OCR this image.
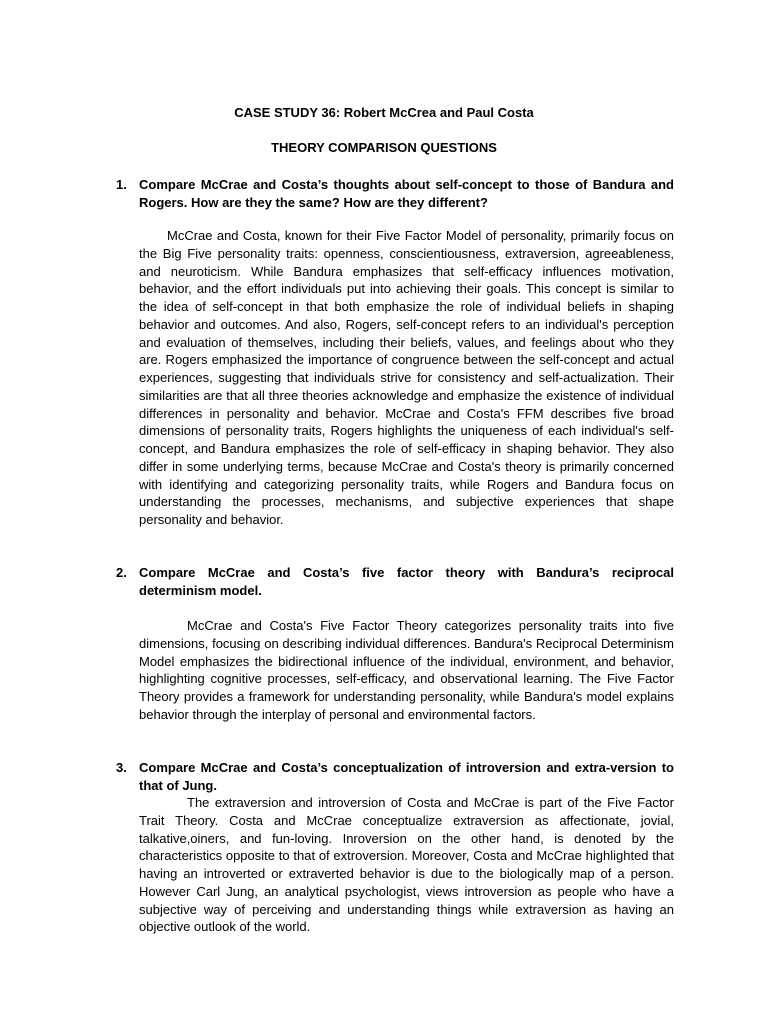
CASE STUDY 36: Robert McCrea and Paul Costa
THEORY COMPARISON QUESTIONS
1. Compare McCrae and Costa’s thoughts about self-concept to those of Bandura and Rogers. How are they the same? How are they different?

McCrae and Costa, known for their Five Factor Model of personality, primarily focus on the Big Five personality traits: openness, conscientiousness, extraversion, agreeableness, and neuroticism. While Bandura emphasizes that self-efficacy influences motivation, behavior, and the effort individuals put into achieving their goals. This concept is similar to the idea of self-concept in that both emphasize the role of individual beliefs in shaping behavior and outcomes. And also, Rogers, self-concept refers to an individual's perception and evaluation of themselves, including their beliefs, values, and feelings about who they are. Rogers emphasized the importance of congruence between the self-concept and actual experiences, suggesting that individuals strive for consistency and self-actualization. Their similarities are that all three theories acknowledge and emphasize the existence of individual differences in personality and behavior. McCrae and Costa's FFM describes five broad dimensions of personality traits, Rogers highlights the uniqueness of each individual's self-concept, and Bandura emphasizes the role of self-efficacy in shaping behavior. They also differ in some underlying terms, because McCrae and Costa's theory is primarily concerned with identifying and categorizing personality traits, while Rogers and Bandura focus on understanding the processes, mechanisms, and subjective experiences that shape personality and behavior.

2. Compare McCrae and Costa’s five factor theory with Bandura’s reciprocal determinism model.

McCrae and Costa's Five Factor Theory categorizes personality traits into five dimensions, focusing on describing individual differences. Bandura's Reciprocal Determinism Model emphasizes the bidirectional influence of the individual, environment, and behavior, highlighting cognitive processes, self-efficacy, and observational learning. The Five Factor Theory provides a framework for understanding personality, while Bandura's model explains behavior through the interplay of personal and environmental factors.

3. Compare McCrae and Costa’s conceptualization of introversion and extra-version to that of Jung.

The extraversion and introversion of Costa and McCrae is part of the Five Factor Trait Theory. Costa and McCrae conceptualize extraversion as affectionate, jovial, talkative,oiners, and fun-loving. Inroversion on the other hand, is denoted by the characteristics opposite to that of extroversion. Moreover, Costa and McCrae highlighted that having an introverted or extraverted behavior is due to the biologically map of a person. However Carl Jung, an analytical psychologist, views introversion as people who have a subjective way of perceiving and understanding things while extraversion as having an objective outlook of the world.
